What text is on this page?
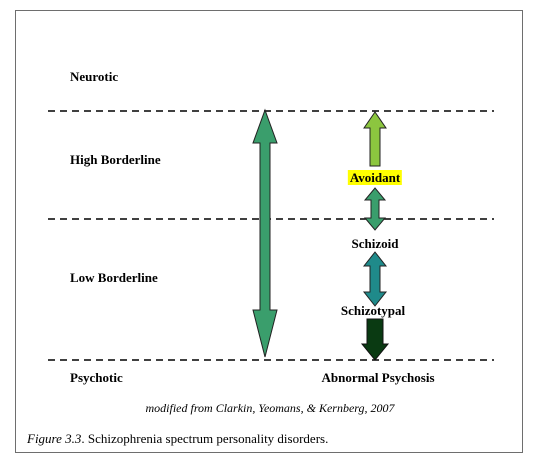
Neurotic
High Borderline
Low Borderline
Psychotic
Avoidant
Schizoid
Schizotypal
Abnormal Psychosis
modified from Clarkin, Yeomans, & Kernberg, 2007
Figure 3.3. Schizophrenia spectrum personality disorders.
